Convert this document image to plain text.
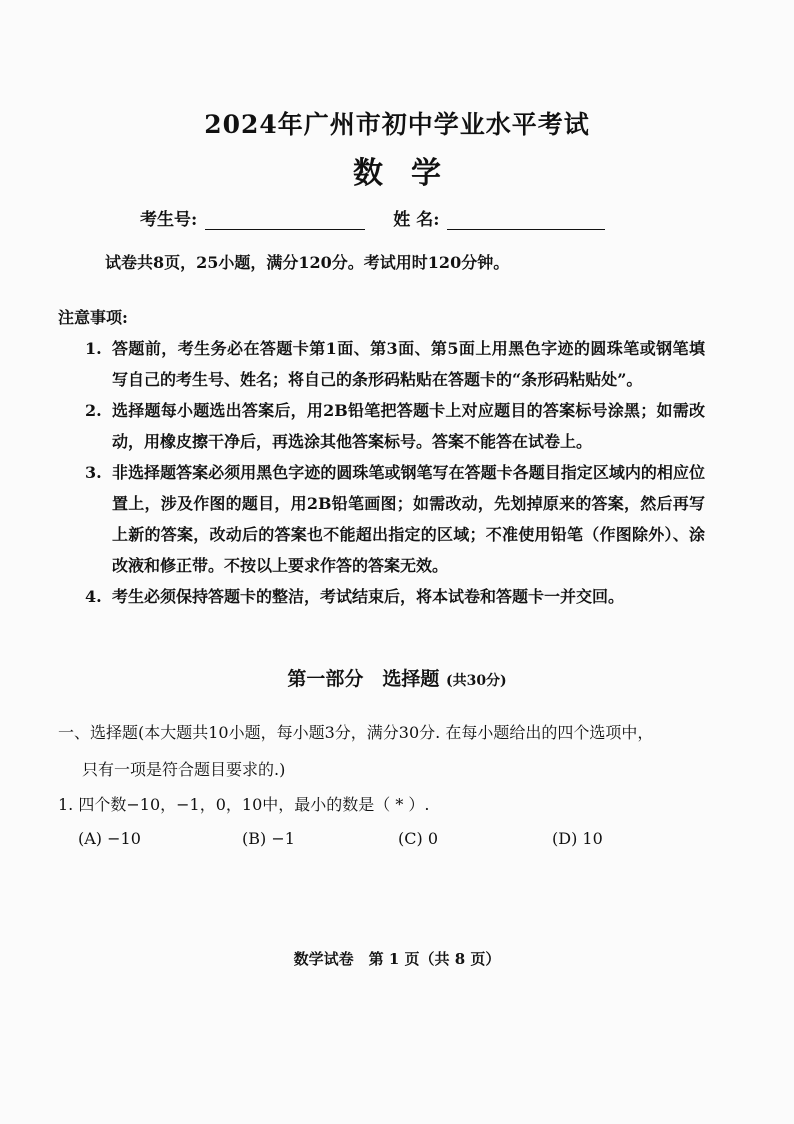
2024年广州市初中学业水平考试
数学
考生号:	姓 名:
试卷共8页，25小题，满分120分。考试用时120分钟。
注意事项:
1. 答题前，考生务必在答题卡第1面、第3面、第5面上用黑色字迹的圆珠笔或钢笔填写自己的考生号、姓名；将自己的条形码粘贴在答题卡的“条形码粘贴处”。
2. 选择题每小题选出答案后，用2B铅笔把答题卡上对应题目的答案标号涂黑；如需改动，用橡皮擦干净后，再选涂其他答案标号。答案不能答在试卷上。
3. 非选择题答案必须用黑色字迹的圆珠笔或钢笔写在答题卡各题目指定区域内的相应位置上，涉及作图的题目，用2B铅笔画图；如需改动，先划掉原来的答案，然后再写上新的答案，改动后的答案也不能超出指定的区域；不准使用铅笔（作图除外）、涂改液和修正带。不按以上要求作答的答案无效。
4. 考生必须保持答题卡的整洁，考试结束后，将本试卷和答题卡一并交回。
第一部分　选择题 (共30分)
一、选择题(本大题共10小题，每小题3分，满分30分. 在每小题给出的四个选项中，
只有一项是符合题目要求的.)
1. 四个数−10，−1，0，10中，最小的数是（ * ）.
(A) −10	(B) −1	(C) 0	(D) 10
数学试卷　第 1 页（共 8 页）
